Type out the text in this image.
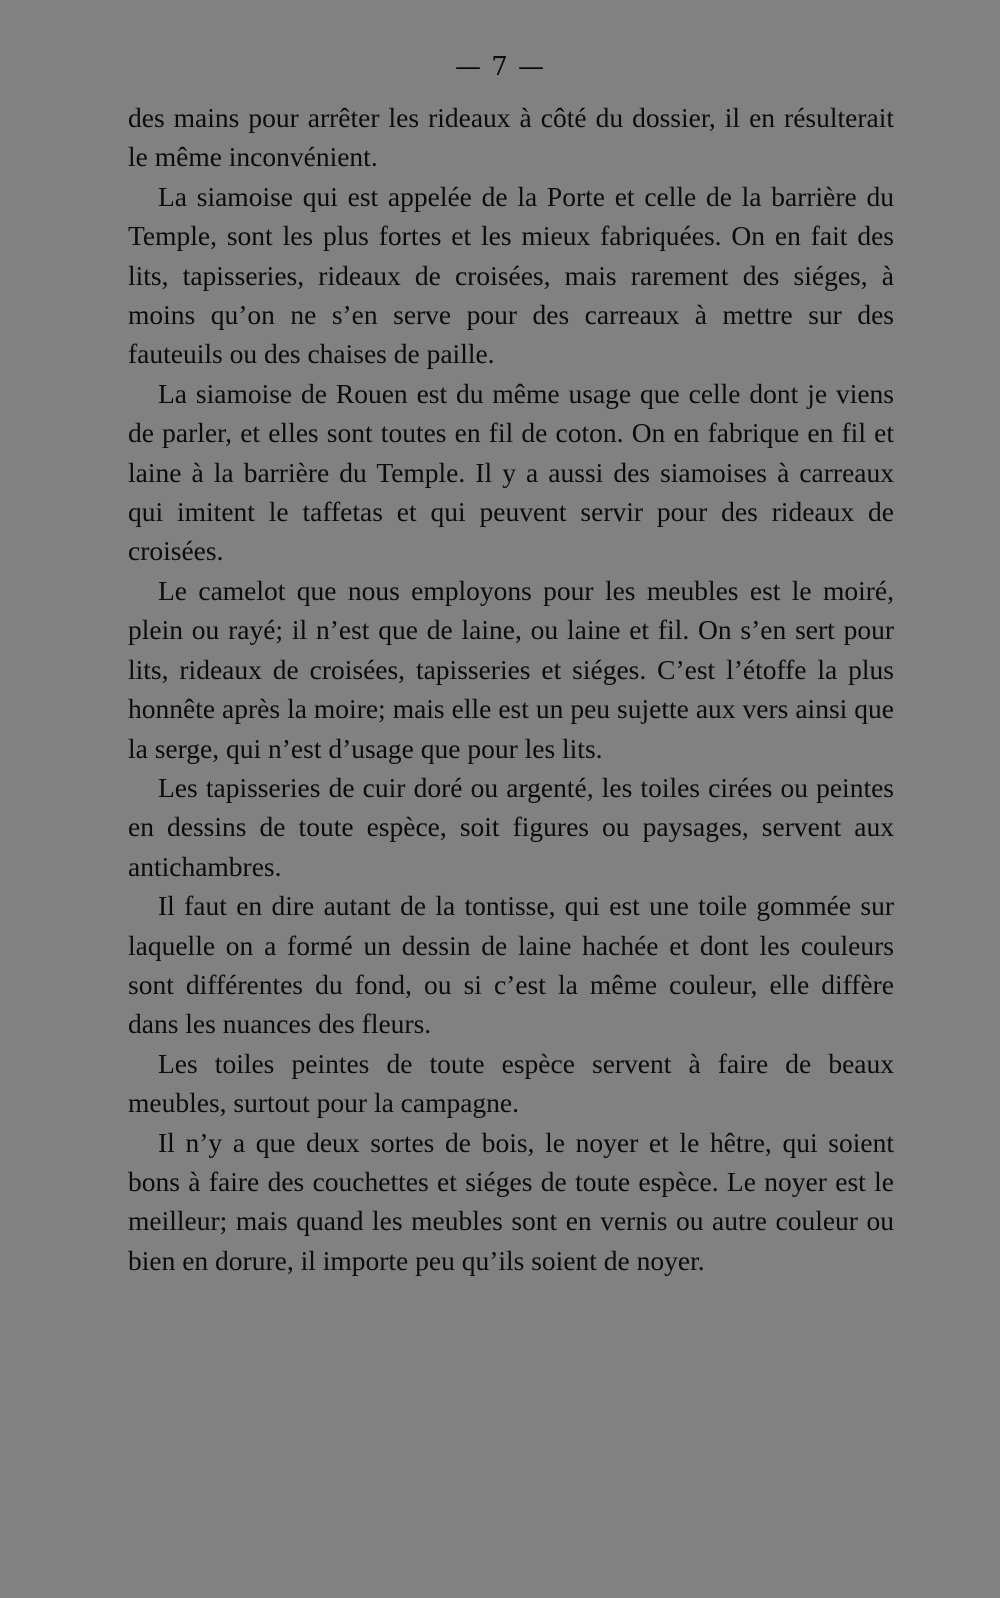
— 7 —

des mains pour arrêter les rideaux à côté du dossier, il en résulterait le même inconvénient.

La siamoise qui est appelée de la Porte et celle de la barrière du Temple, sont les plus fortes et les mieux fabriquées. On en fait des lits, tapisseries, rideaux de croisées, mais rarement des siéges, à moins qu’on ne s’en serve pour des carreaux à mettre sur des fauteuils ou des chaises de paille.

La siamoise de Rouen est du même usage que celle dont je viens de parler, et elles sont toutes en fil de coton. On en fabrique en fil et laine à la barrière du Temple. Il y a aussi des siamoises à carreaux qui imitent le taffetas et qui peuvent servir pour des rideaux de croisées.

Le camelot que nous employons pour les meubles est le moiré, plein ou rayé; il n’est que de laine, ou laine et fil. On s’en sert pour lits, rideaux de croisées, tapisseries et siéges. C’est l’étoffe la plus honnête après la moire; mais elle est un peu sujette aux vers ainsi que la serge, qui n’est d’usage que pour les lits.

Les tapisseries de cuir doré ou argenté, les toiles cirées ou peintes en dessins de toute espèce, soit figures ou paysages, servent aux antichambres.

Il faut en dire autant de la tontisse, qui est une toile gommée sur laquelle on a formé un dessin de laine hachée et dont les couleurs sont différentes du fond, ou si c’est la même couleur, elle diffère dans les nuances des fleurs.

Les toiles peintes de toute espèce servent à faire de beaux meubles, surtout pour la campagne.

Il n’y a que deux sortes de bois, le noyer et le hêtre, qui soient bons à faire des couchettes et siéges de toute espèce. Le noyer est le meilleur; mais quand les meubles sont en vernis ou autre couleur ou bien en dorure, il importe peu qu’ils soient de noyer.
